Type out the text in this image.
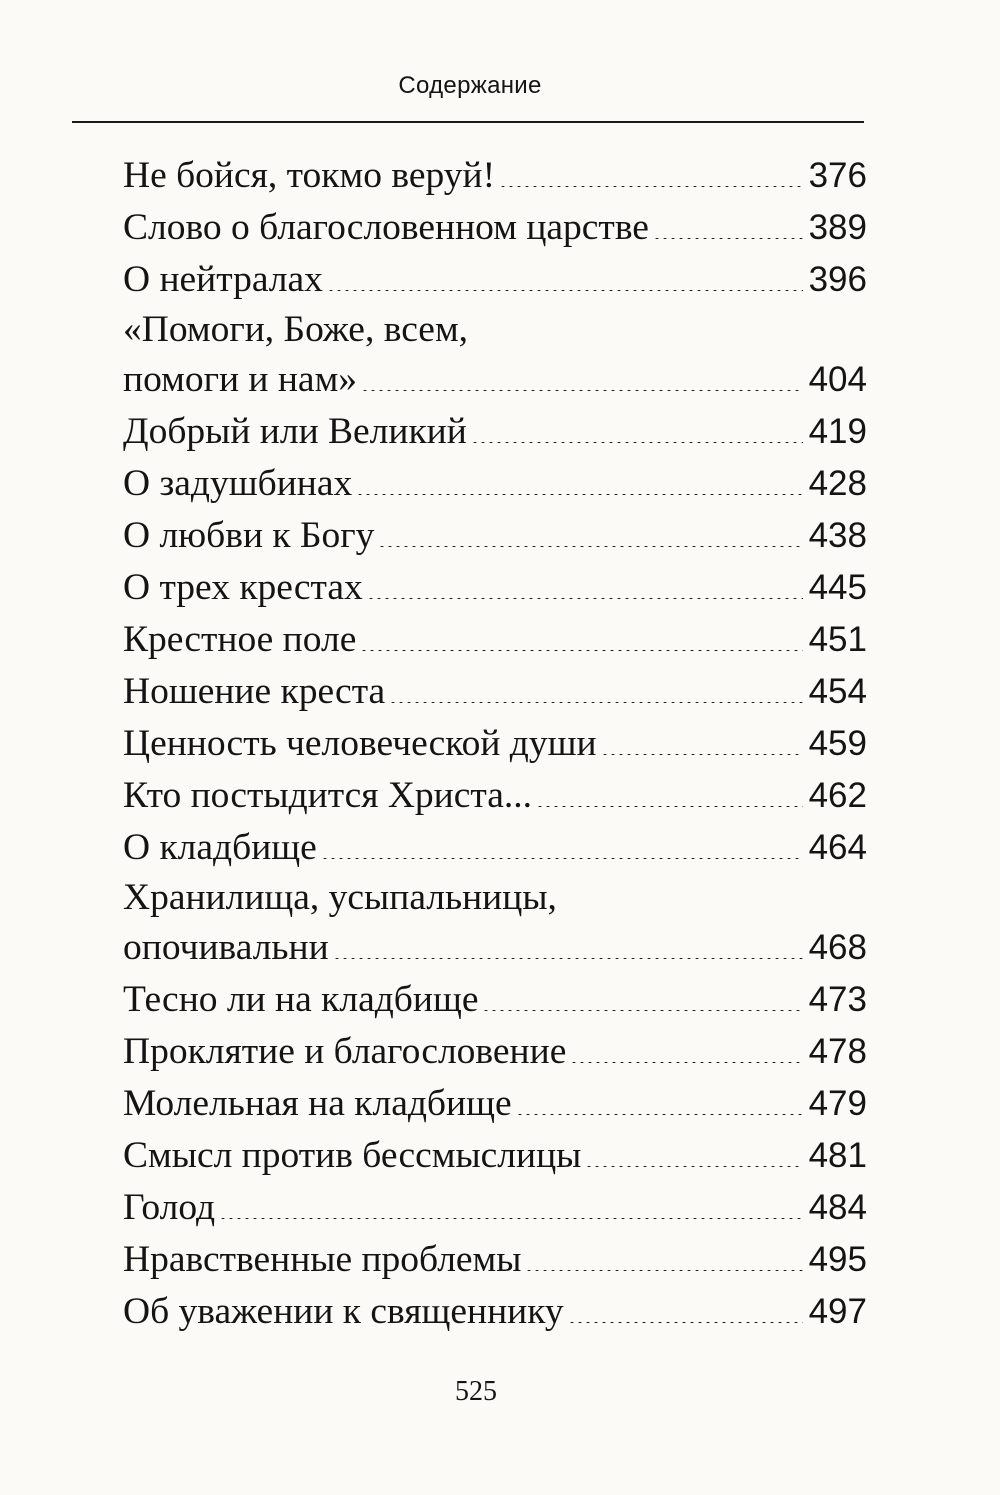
Содержание
Не бойся, токмо веруй!	376
Слово о благословенном царстве	389
О нейтралах	396
«Помоги, Боже, всем,
помоги и нам»	404
Добрый или Великий	419
О задушбинах	428
О любви к Богу	438
О трех крестах	445
Крестное поле	451
Ношение креста	454
Ценность человеческой души	459
Кто постыдится Христа...	462
О кладбище	464
Хранилища, усыпальницы,
опочивальни	468
Тесно ли на кладбище	473
Проклятие и благословение	478
Молельная на кладбище	479
Смысл против бессмыслицы	481
Голод	484
Нравственные проблемы	495
Об уважении к священнику	497
525
